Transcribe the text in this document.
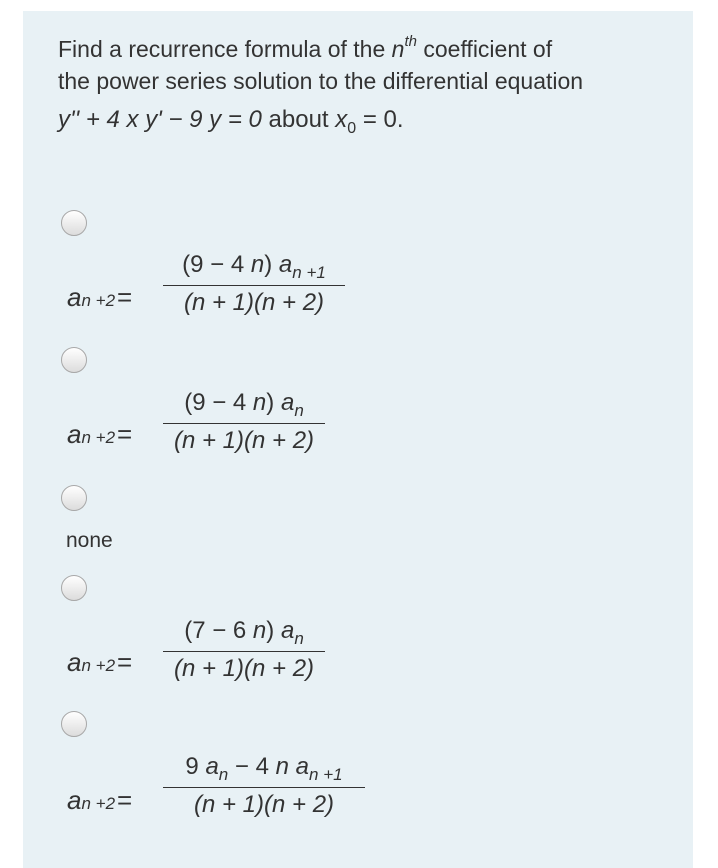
Find a recurrence formula of the $n^{th}$ coefficient of
the power series solution to the differential equation
y'' + 4 x y' − 9 y = 0 about $x_0 = 0$.
an +2=
(9 − 4 n) $a_{n +1}$
(n + 1)(n + 2)
an +2=
(9 − 4 n) $a_n$
(n + 1)(n + 2)
none
an +2=
(7 − 6 n) $a_n$
(n + 1)(n + 2)
an +2=
9 $a_n - 4$ n $a_{n +1}$
(n + 1)(n + 2)
